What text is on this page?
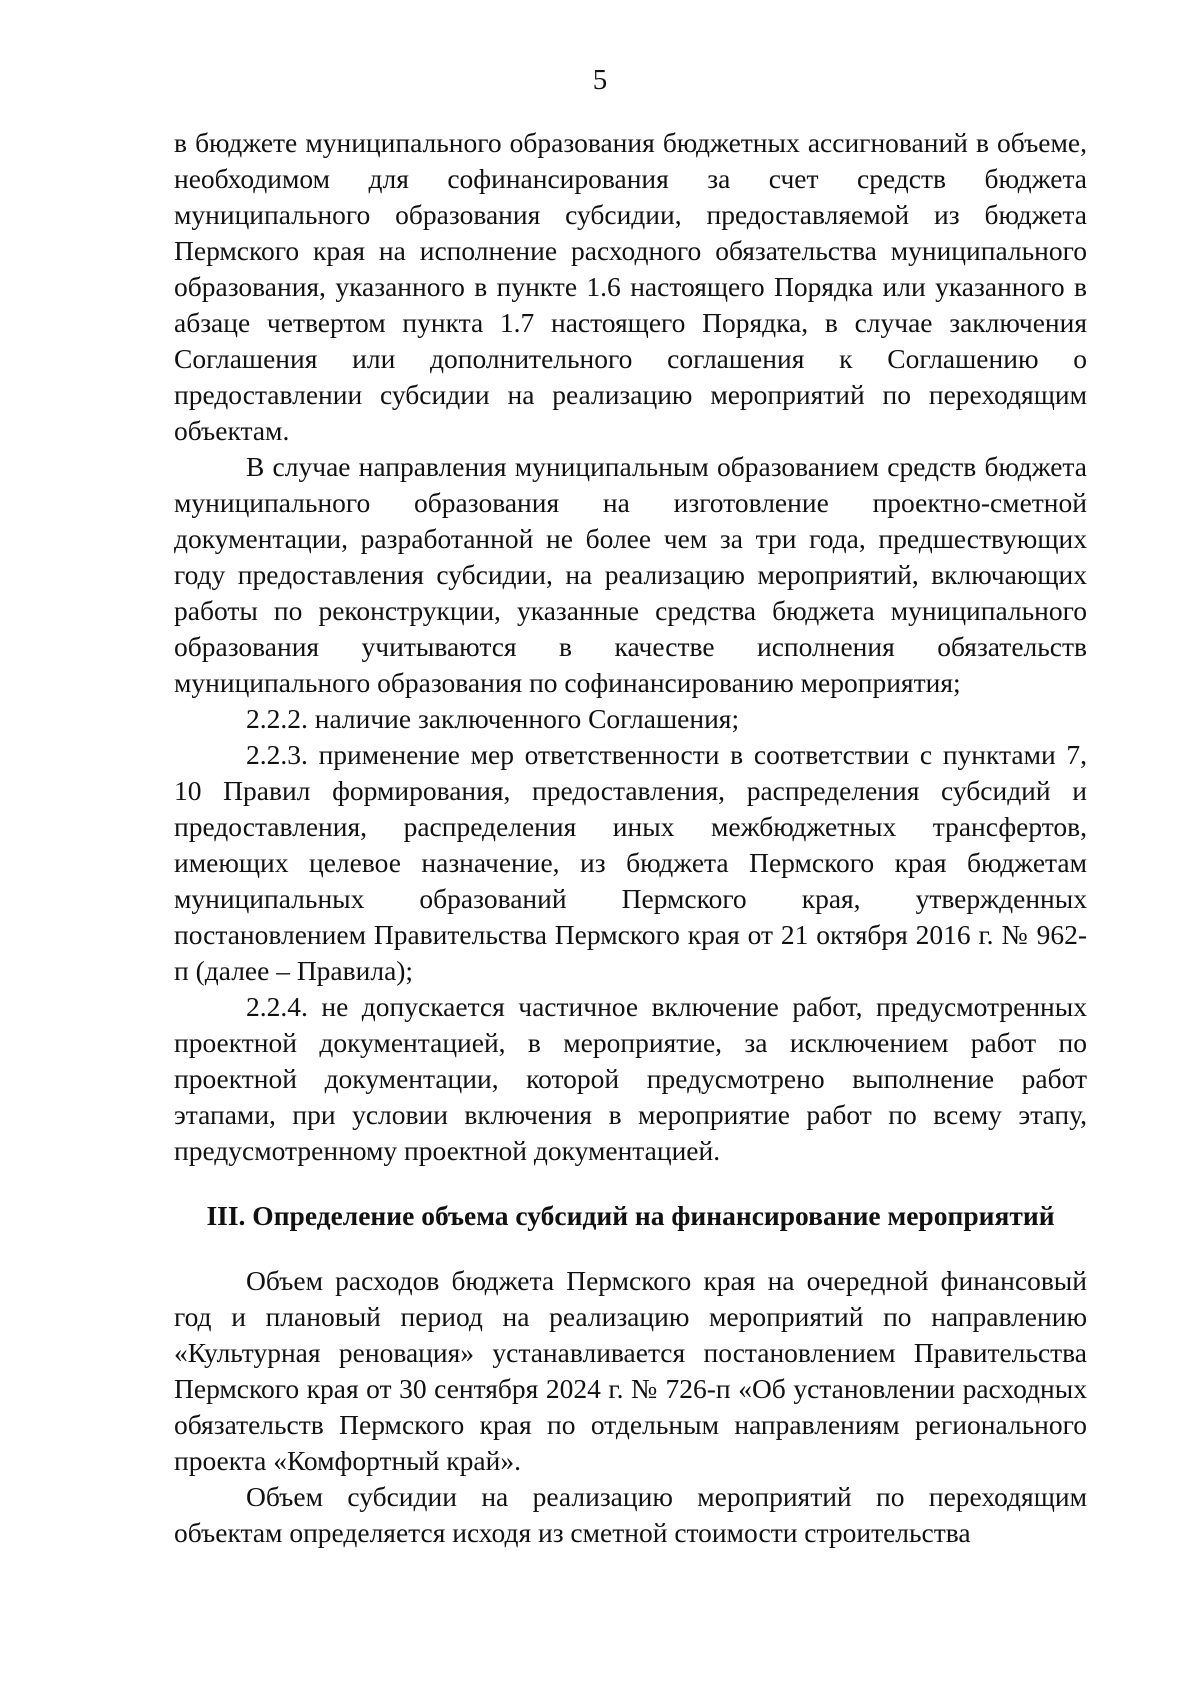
5

в бюджете муниципального образования бюджетных ассигнований в объеме, необходимом для софинансирования за счет средств бюджета муниципального образования субсидии, предоставляемой из бюджета Пермского края на исполнение расходного обязательства муниципального образования, указанного в пункте 1.6 настоящего Порядка или указанного в абзаце четвертом пункта 1.7 настоящего Порядка, в случае заключения Соглашения или дополнительного соглашения к Соглашению о предоставлении субсидии на реализацию мероприятий по переходящим объектам.

В случае направления муниципальным образованием средств бюджета муниципального образования на изготовление проектно-сметной документации, разработанной не более чем за три года, предшествующих году предоставления субсидии, на реализацию мероприятий, включающих работы по реконструкции, указанные средства бюджета муниципального образования учитываются в качестве исполнения обязательств муниципального образования по софинансированию мероприятия;

2.2.2. наличие заключенного Соглашения;

2.2.3. применение мер ответственности в соответствии с пунктами 7, 10 Правил формирования, предоставления, распределения субсидий и предоставления, распределения иных межбюджетных трансфертов, имеющих целевое назначение, из бюджета Пермского края бюджетам муниципальных образований Пермского края, утвержденных постановлением Правительства Пермского края от 21 октября 2016 г. № 962-п (далее – Правила);

2.2.4. не допускается частичное включение работ, предусмотренных проектной документацией, в мероприятие, за исключением работ по проектной документации, которой предусмотрено выполнение работ этапами, при условии включения в мероприятие работ по всему этапу, предусмотренному проектной документацией.

III. Определение объема субсидий на финансирование мероприятий

Объем расходов бюджета Пермского края на очередной финансовый год и плановый период на реализацию мероприятий по направлению «Культурная реновация» устанавливается постановлением Правительства Пермского края от 30 сентября 2024 г. № 726-п «Об установлении расходных обязательств Пермского края по отдельным направлениям регионального проекта «Комфортный край».

Объем субсидии на реализацию мероприятий по переходящим объектам определяется исходя из сметной стоимости строительства
